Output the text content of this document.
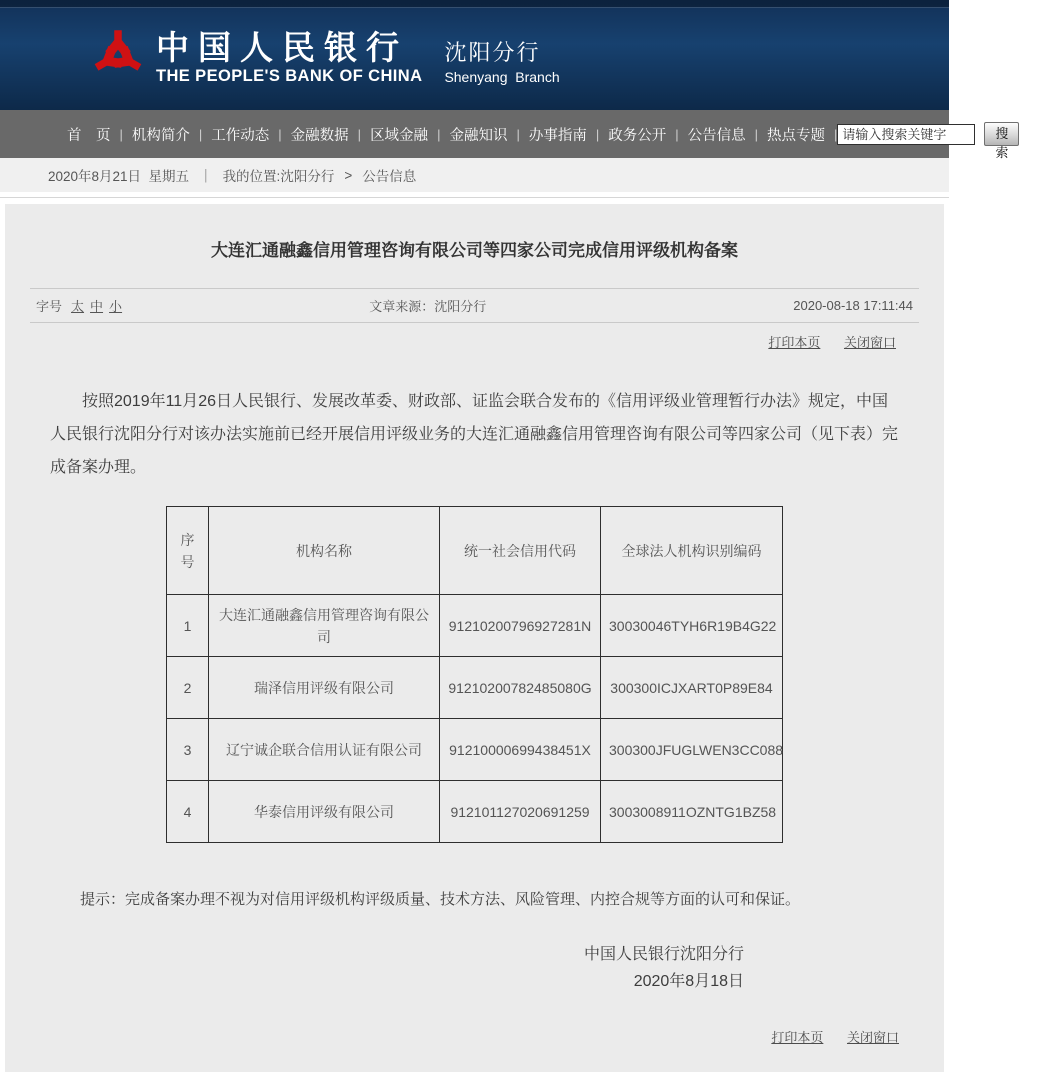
中国人民银行
THE PEOPLE'S BANK OF CHINA
沈阳分行
Shenyang  Branch
首　页 | 机构简介 | 工作动态 | 金融数据 | 区域金融 | 金融知识 | 办事指南 | 政务公开 | 公告信息 | 热点专题 |
请输入搜索关键字	搜索
高级搜索
2020年8月21日  星期五 ｜ 我的位置:沈阳分行 > 公告信息
大连汇通融鑫信用管理咨询有限公司等四家公司完成信用评级机构备案
字号 太 中 小	文章来源：沈阳分行	2020-08-18 17:11:44
打印本页 关闭窗口

按照2019年11月26日人民银行、发展改革委、财政部、证监会联合发布的《信用评级业管理暂行办法》规定，中国人民银行沈阳分行对该办法实施前已经开展信用评级业务的大连汇通融鑫信用管理咨询有限公司等四家公司（见下表）完成备案办理。

序号	机构名称	统一社会信用代码	全球法人机构识别编码
1	大连汇通融鑫信用管理咨询有限公司	91210200796927281N	30030046TYH6R19B4G22
2	瑞泽信用评级有限公司	91210200782485080G	300300ICJXART0P89E84
3	辽宁诚企联合信用认证有限公司	91210000699438451X	300300JFUGLWEN3CC088
4	华泰信用评级有限公司	912101127020691259	3003008911OZNTG1BZ58

提示：完成备案办理不视为对信用评级机构评级质量、技术方法、风险管理、内控合规等方面的认可和保证。

中国人民银行沈阳分行
2020年8月18日
打印本页 关闭窗口
